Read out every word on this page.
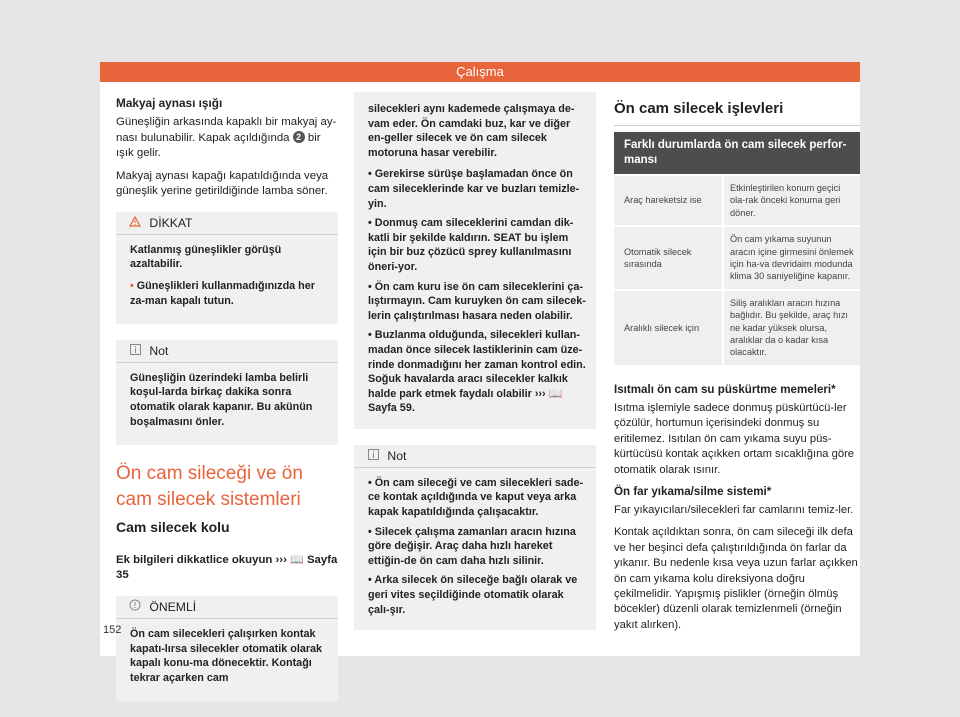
Çalışma
Makyaj aynası ışığı

Güneşliğin arkasında kapaklı bir makyaj ay-nası bulunabilir. Kapak açıldığında 2 bir ışık gelir.

Makyaj aynası kapağı kapatıldığında veya güneşlik yerine getirildiğinde lamba söner.

DİKKAT

Katlanmış güneşlikler görüşü azaltabilir.

• Güneşlikleri kullanmadığınızda her za-man kapalı tutun.

Not

Güneşliğin üzerindeki lamba belirli koşul-larda birkaç dakika sonra otomatik olarak kapanır. Bu akünün boşalmasını önler.

Ön cam sileceği ve ön cam silecek sistemleri
Cam silecek kolu

Ek bilgileri dikkatlice okuyun ››› 📖 Sayfa 35

ÖNEMLİ

Ön cam silecekleri çalışırken kontak kapatı-lırsa silecekler otomatik olarak kapalı konu-ma dönecektir. Kontağı tekrar açarken cam

silecekleri aynı kademede çalışmaya de-vam eder. Ön camdaki buz, kar ve diğer en-geller silecek ve ön cam silecek motoruna hasar verebilir.

• Gerekirse sürüşe başlamadan önce ön cam sileceklerinde kar ve buzları temizle-yin.
• Donmuş cam sileceklerini camdan dik-katli bir şekilde kaldırın. SEAT bu işlem için bir buz çözücü sprey kullanılmasını öneri-yor.
• Ön cam kuru ise ön cam sileceklerini ça-lıştırmayın. Cam kuruyken ön cam silecek-lerin çalıştırılması hasara neden olabilir.
• Buzlanma olduğunda, silecekleri kullan-madan önce silecek lastiklerinin cam üze-rinde donmadığını her zaman kontrol edin. Soğuk havalarda aracı silecekler kalkık halde park etmek faydalı olabilir ››› 📖 Sayfa 59.
Not
• Ön cam sileceği ve cam silecekleri sade-ce kontak açıldığında ve kaput veya arka kapak kapatıldığında çalışacaktır.
• Silecek çalışma zamanları aracın hızına göre değişir. Araç daha hızlı hareket ettiğin-de ön cam daha hızlı silinir.
• Arka silecek ön sileceğe bağlı olarak ve geri vites seçildiğinde otomatik olarak çalı-şır.
Ön cam silecek işlevleri
Farklı durumlarda ön cam silecek perfor-mansı	
Araç hareketsiz ise	Etkinleştirilen konum geçici ola-rak önceki konuma geri döner.
Otomatik silecek sırasında	Ön cam yıkama suyunun aracın içine girmesini önlemek için ha-va devridaim modunda klima 30 saniyeliğine kapanır.
Aralıklı silecek için	Siliş aralıkları aracın hızına bağlıdır. Bu şekilde, araç hızı ne kadar yüksek olursa, aralıklar da o kadar kısa olacaktır.
Isıtmalı ön cam su püskürtme memeleri*

Isıtma işlemiyle sadece donmuş püskürtücü-ler çözülür, hortumun içerisindeki donmuş su eritilemez. Isıtılan ön cam yıkama suyu püs-kürtücüsü kontak açıkken ortam sıcaklığına göre otomatik olarak ısınır.

Ön far yıkama/silme sistemi*

Far yıkayıcıları/silecekleri far camlarını temiz-ler.

Kontak açıldıktan sonra, ön cam sileceği ilk defa ve her beşinci defa çalıştırıldığında ön farlar da yıkanır. Bu nedenle kısa veya uzun farlar açıkken ön cam yıkama kolu direksiyona doğru çekilmelidir. Yapışmış pislikler (örneğin ölmüş böcekler) düzenli olarak temizlenmeli (örneğin yakıt alırken).

152
